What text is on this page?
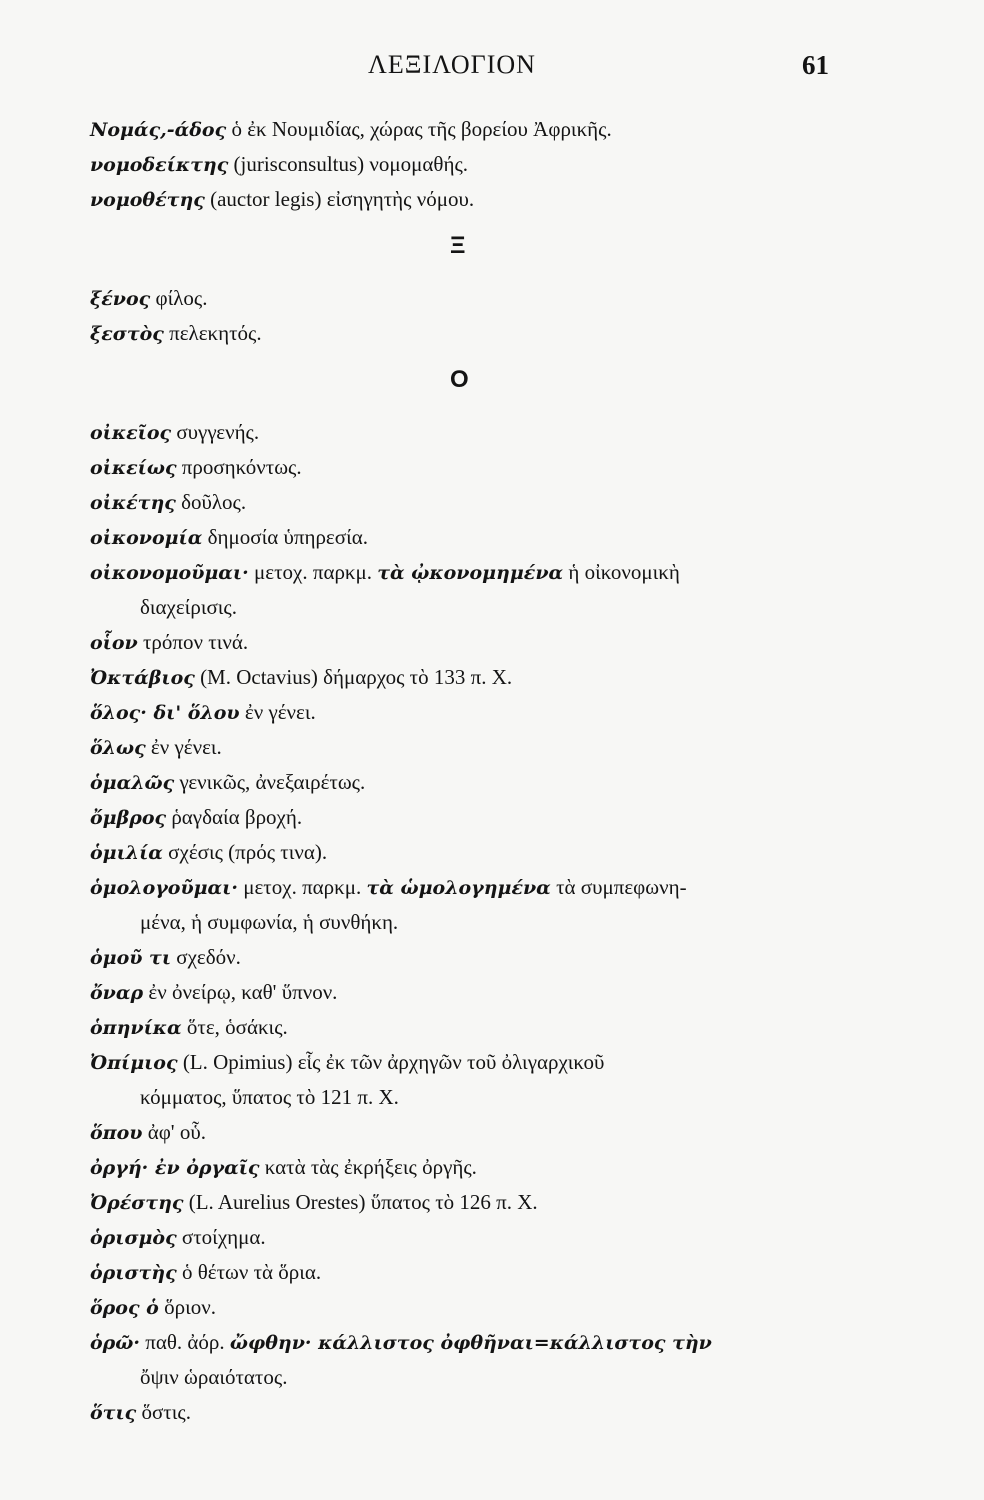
ΛΕΞΙΛΟΓΙΟΝ	61
Νομάς,-άδος ὁ ἐκ Νουμιδίας, χώρας τῆς βορείου Ἀφρικῆς.
νομοδείκτης (jurisconsultus) νομομαθής.
νομοθέτης (auctor legis) εἰσηγητὴς νόμου.
Ξ
ξένος φίλος.
ξεστὸς πελεκητός.
Ο
οἰκεῖος συγγενής.
οἰκείως προσηκόντως.
οἰκέτης δοῦλος.
οἰκονομία δημοσία ὑπηρεσία.
οἰκονομοῦμαι· μετοχ. παρκμ. τὰ ᾠκονομημένα ἡ οἰκονομικὴ
διαχείρισις.
οἷον τρόπον τινά.
Ὀκτάβιος (M. Octavius) δήμαρχος τὸ 133 π. Χ.
ὅλος· δι' ὅλου ἐν γένει.
ὅλως ἐν γένει.
ὁμαλῶς γενικῶς, ἀνεξαιρέτως.
ὄμβρος ῥαγδαία βροχή.
ὁμιλία σχέσις (πρός τινα).
ὁμολογοῦμαι· μετοχ. παρκμ. τὰ ὡμολογημένα τὰ συμπεφωνη-
μένα, ἡ συμφωνία, ἡ συνθήκη.
ὁμοῦ τι σχεδόν.
ὄναρ ἐν ὀνείρῳ, καθ' ὕπνον.
ὁπηνίκα ὅτε, ὁσάκις.
Ὀπίμιος (L. Opimius) εἷς ἐκ τῶν ἀρχηγῶν τοῦ ὀλιγαρχικοῦ
κόμματος, ὕπατος τὸ 121 π. Χ.
ὅπου ἀφ' οὗ.
ὀργή· ἐν ὀργαῖς κατὰ τὰς ἐκρήξεις ὀργῆς.
Ὀρέστης (L. Aurelius Orestes) ὕπατος τὸ 126 π. Χ.
ὁρισμὸς στοίχημα.
ὁριστὴς ὁ θέτων τὰ ὅρια.
ὅρος ὁ ὅριον.
ὁρῶ· παθ. ἀόρ. ὤφθην· κάλλιστος ὀφθῆναι=κάλλιστος τὴν
ὄψιν ὡραιότατος.
ὅτις ὅστις.
